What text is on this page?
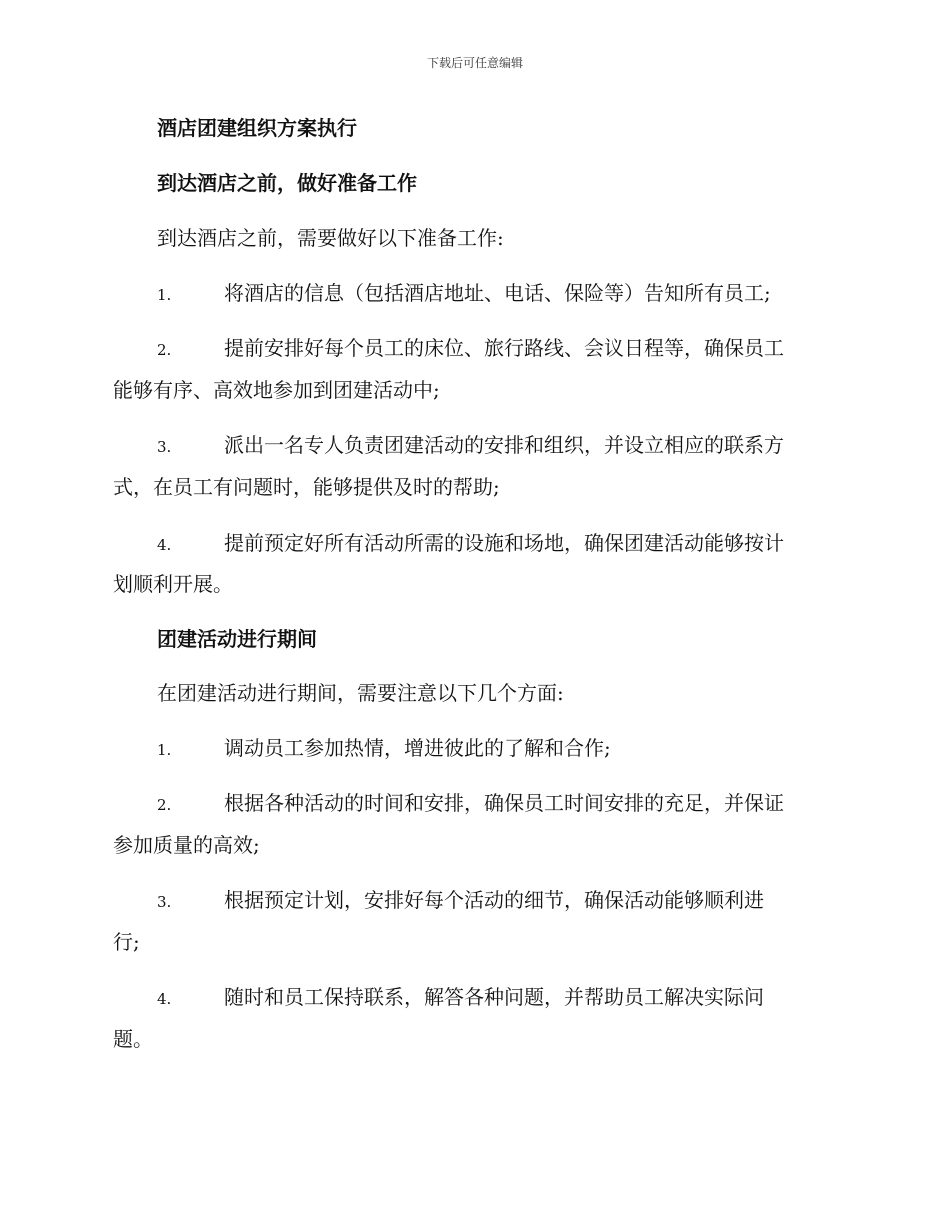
下载后可任意编辑
酒店团建组织方案执行
到达酒店之前，做好准备工作
到达酒店之前，需要做好以下准备工作:
1.	将酒店的信息（包括酒店地址、电话、保险等）告知所有员工;
2.	提前安排好每个员工的床位、旅行路线、会议日程等，确保员工
能够有序、高效地参加到团建活动中;
3.	派出一名专人负责团建活动的安排和组织，并设立相应的联系方
式，在员工有问题时，能够提供及时的帮助;
4.	提前预定好所有活动所需的设施和场地，确保团建活动能够按计
划顺利开展。
团建活动进行期间
在团建活动进行期间，需要注意以下几个方面:
1.	调动员工参加热情，增进彼此的了解和合作;
2.	根据各种活动的时间和安排，确保员工时间安排的充足，并保证
参加质量的高效;
3.	根据预定计划，安排好每个活动的细节，确保活动能够顺利进
行;
4.	随时和员工保持联系，解答各种问题，并帮助员工解决实际问
题。
